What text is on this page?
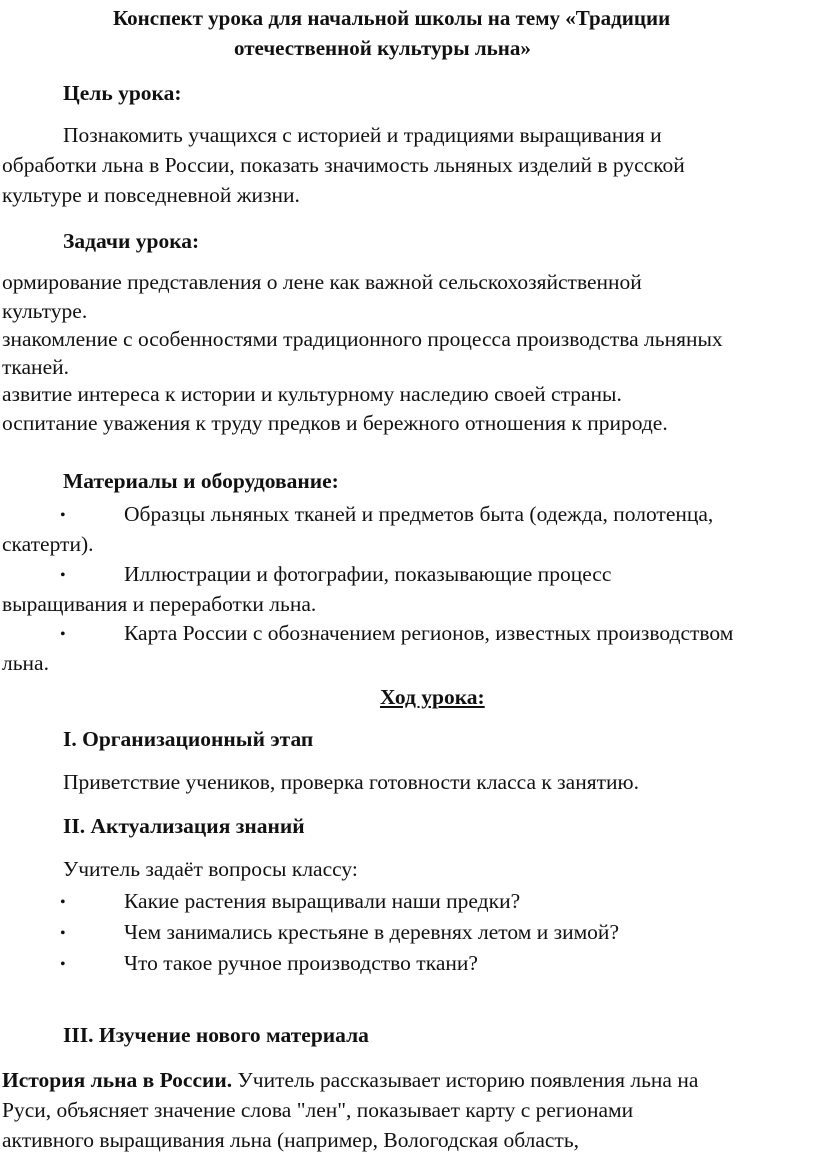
Конспект урока для начальной школы на тему «Традиции
отечественной культуры льна»
Цель урока:
Познакомить учащихся с историей и традициями выращивания и
обработки льна в России, показать значимость льняных изделий в русской
культуре и повседневной жизни.
Задачи урока:
ормирование представления о лене как важной сельскохозяйственной
культуре.
знакомление с особенностями традиционного процесса производства льняных
тканей.
азвитие интереса к истории и культурному наследию своей страны.
оспитание уважения к труду предков и бережного отношения к природе.
Материалы и оборудование:
•	Образцы льняных тканей и предметов быта (одежда, полотенца,
скатерти).
•	Иллюстрации и фотографии, показывающие процесс
выращивания и переработки льна.
•	Карта России с обозначением регионов, известных производством
льна.
Ход урока:
I. Организационный этап
Приветствие учеников, проверка готовности класса к занятию.
II. Актуализация знаний
Учитель задаёт вопросы классу:
•	Какие растения выращивали наши предки?
•	Чем занимались крестьяне в деревнях летом и зимой?
•	Что такое ручное производство ткани?
III. Изучение нового материала
История льна в России. Учитель рассказывает историю появления льна на
Руси, объясняет значение слова "лен", показывает карту с регионами
активного выращивания льна (например, Вологодская область,
